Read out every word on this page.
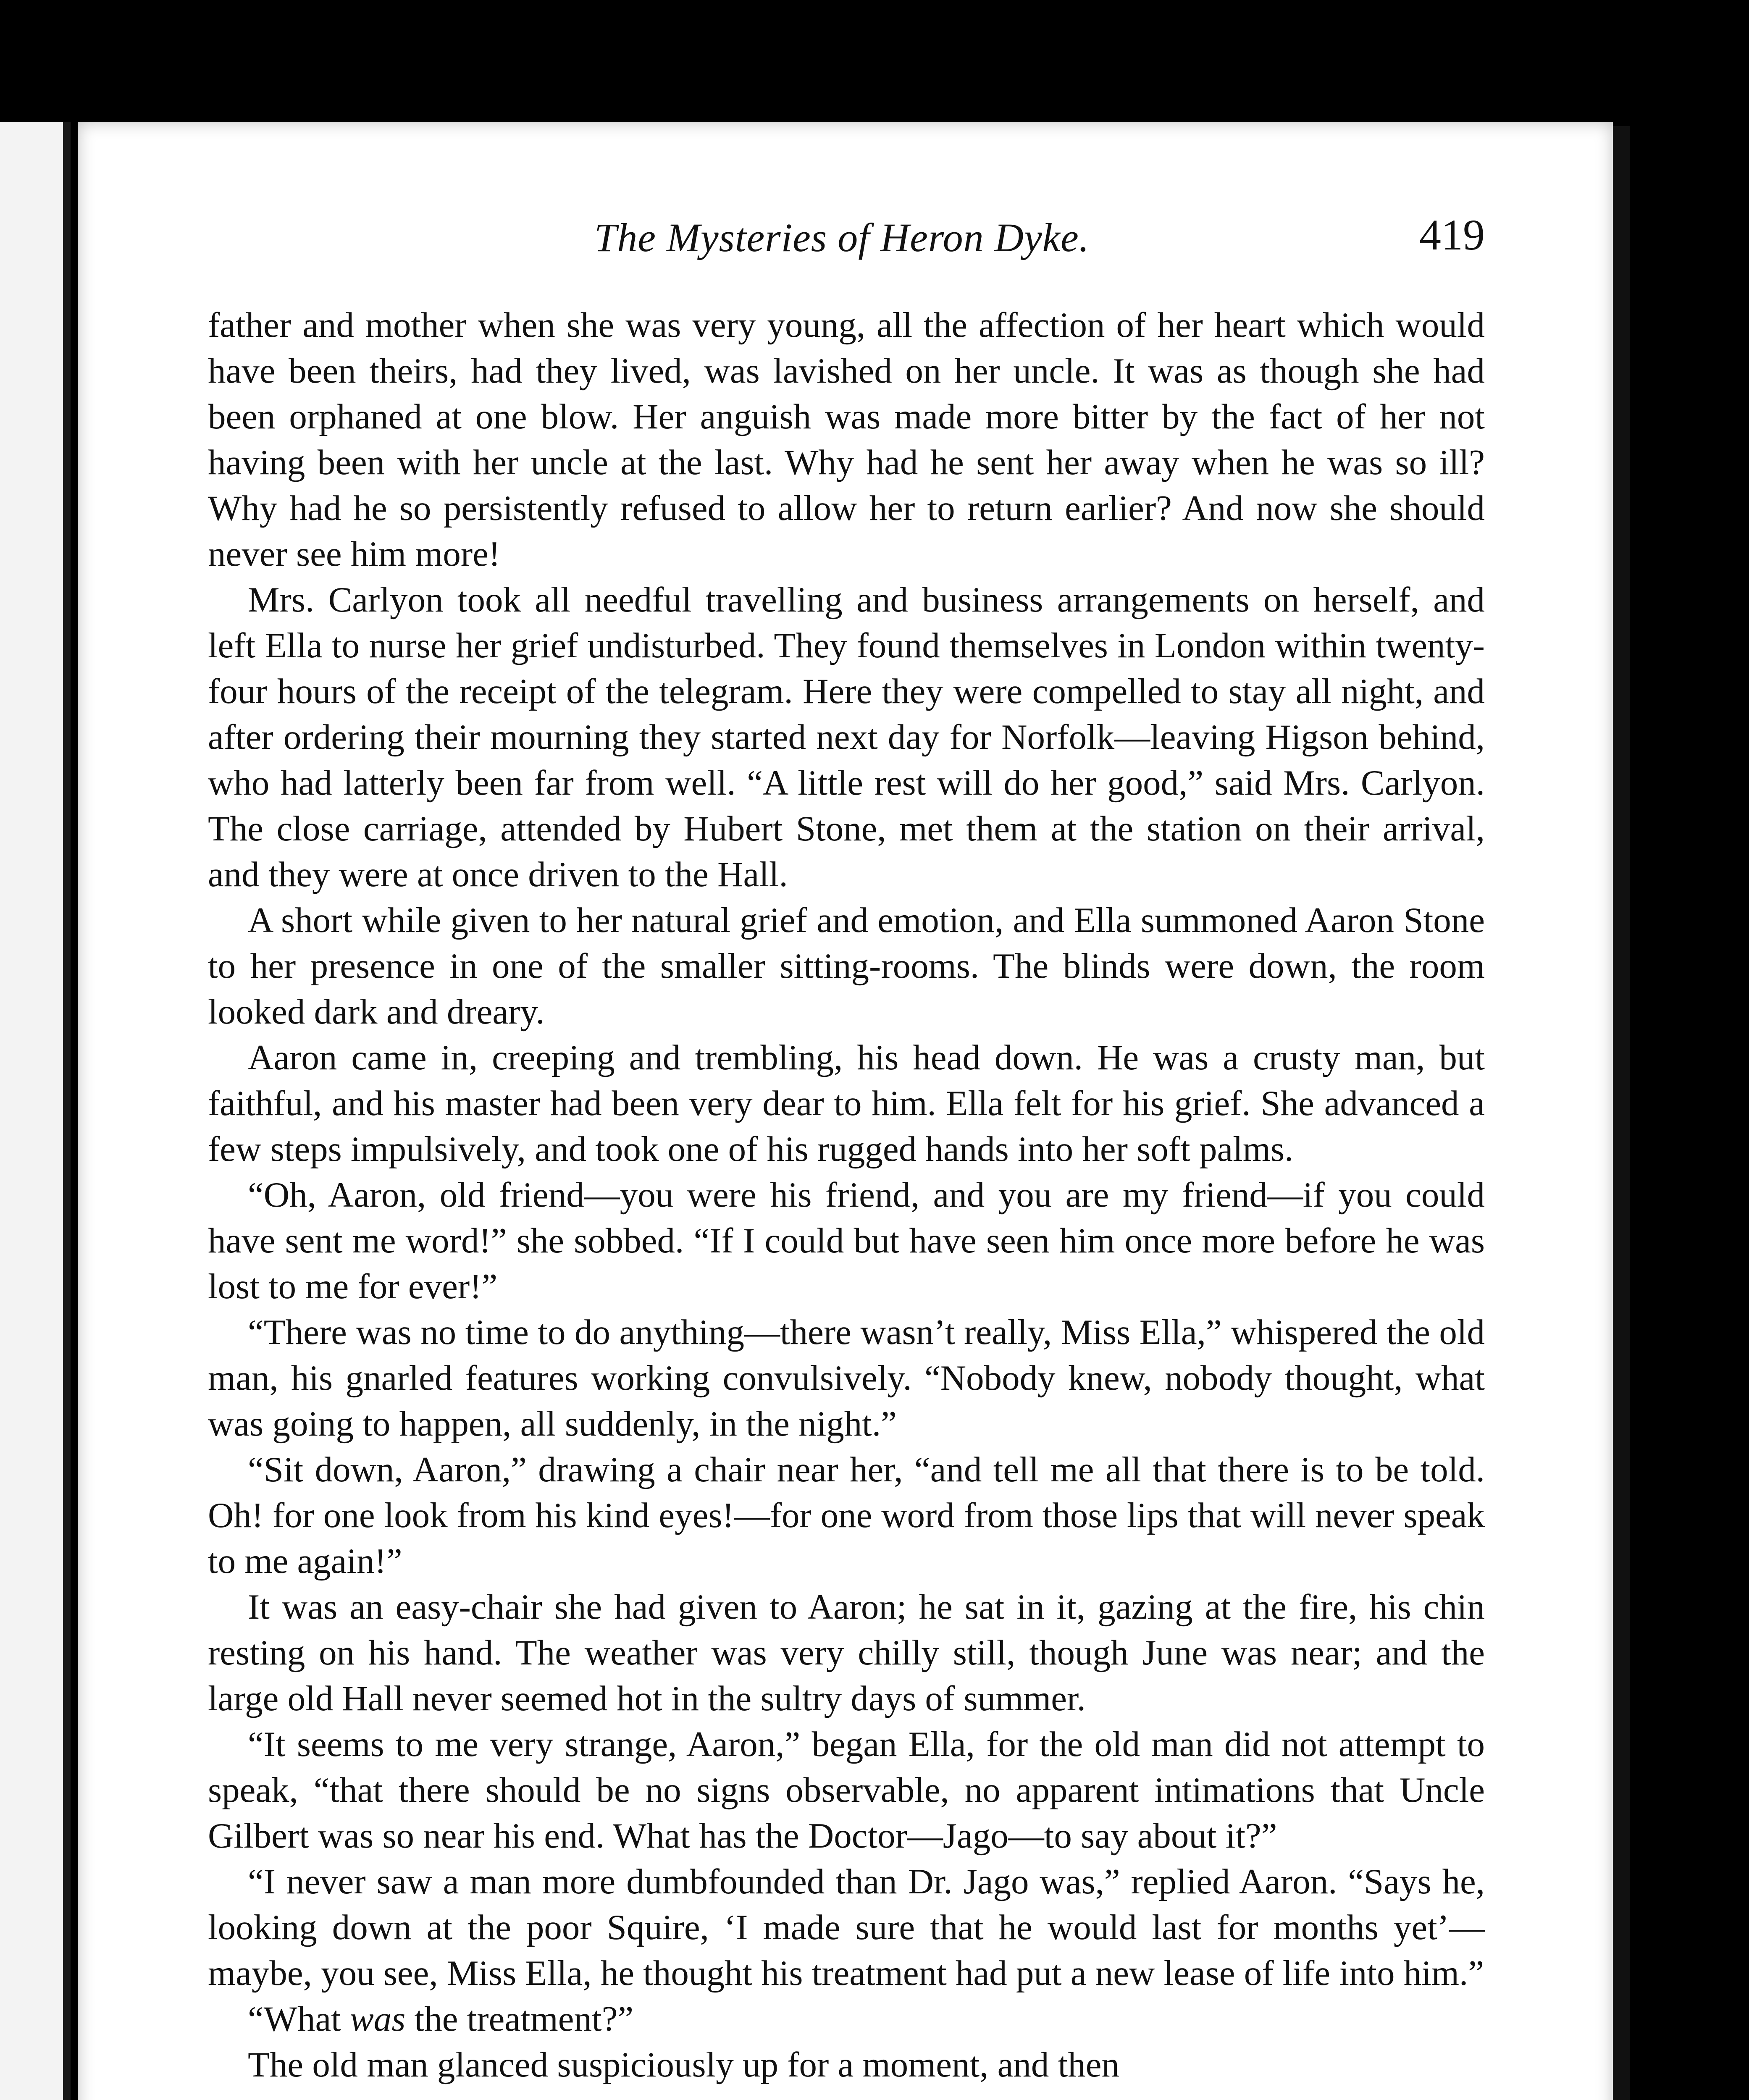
The Mysteries of Heron Dyke.	419

father and mother when she was very young, all the affection of her heart which would have been theirs, had they lived, was lavished on her uncle. It was as though she had been orphaned at one blow. Her anguish was made more bitter by the fact of her not having been with her uncle at the last. Why had he sent her away when he was so ill? Why had he so persistently refused to allow her to return earlier? And now she should never see him more!

Mrs. Carlyon took all needful travelling and business arrangements on herself, and left Ella to nurse her grief undisturbed. They found themselves in London within twenty-four hours of the receipt of the telegram. Here they were compelled to stay all night, and after ordering their mourning they started next day for Norfolk—leaving Higson behind, who had latterly been far from well. “A little rest will do her good,” said Mrs. Carlyon. The close carriage, attended by Hubert Stone, met them at the station on their arrival, and they were at once driven to the Hall.

A short while given to her natural grief and emotion, and Ella summoned Aaron Stone to her presence in one of the smaller sitting-rooms. The blinds were down, the room looked dark and dreary.

Aaron came in, creeping and trembling, his head down. He was a crusty man, but faithful, and his master had been very dear to him. Ella felt for his grief. She advanced a few steps impulsively, and took one of his rugged hands into her soft palms.

“Oh, Aaron, old friend—you were his friend, and you are my friend—if you could have sent me word!” she sobbed. “If I could but have seen him once more before he was lost to me for ever!”

“There was no time to do anything—there wasn’t really, Miss Ella,” whispered the old man, his gnarled features working convulsively. “Nobody knew, nobody thought, what was going to happen, all suddenly, in the night.”

“Sit down, Aaron,” drawing a chair near her, “and tell me all that there is to be told. Oh! for one look from his kind eyes!—for one word from those lips that will never speak to me again!”

It was an easy-chair she had given to Aaron; he sat in it, gazing at the fire, his chin resting on his hand. The weather was very chilly still, though June was near; and the large old Hall never seemed hot in the sultry days of summer.

“It seems to me very strange, Aaron,” began Ella, for the old man did not attempt to speak, “that there should be no signs observable, no apparent intimations that Uncle Gilbert was so near his end. What has the Doctor—Jago—to say about it?”

“I never saw a man more dumbfounded than Dr. Jago was,” replied Aaron. “Says he, looking down at the poor Squire, ‘I made sure that he would last for months yet’—maybe, you see, Miss Ella, he thought his treatment had put a new lease of life into him.”

“What was the treatment?”

The old man glanced suspiciously up for a moment, and then
